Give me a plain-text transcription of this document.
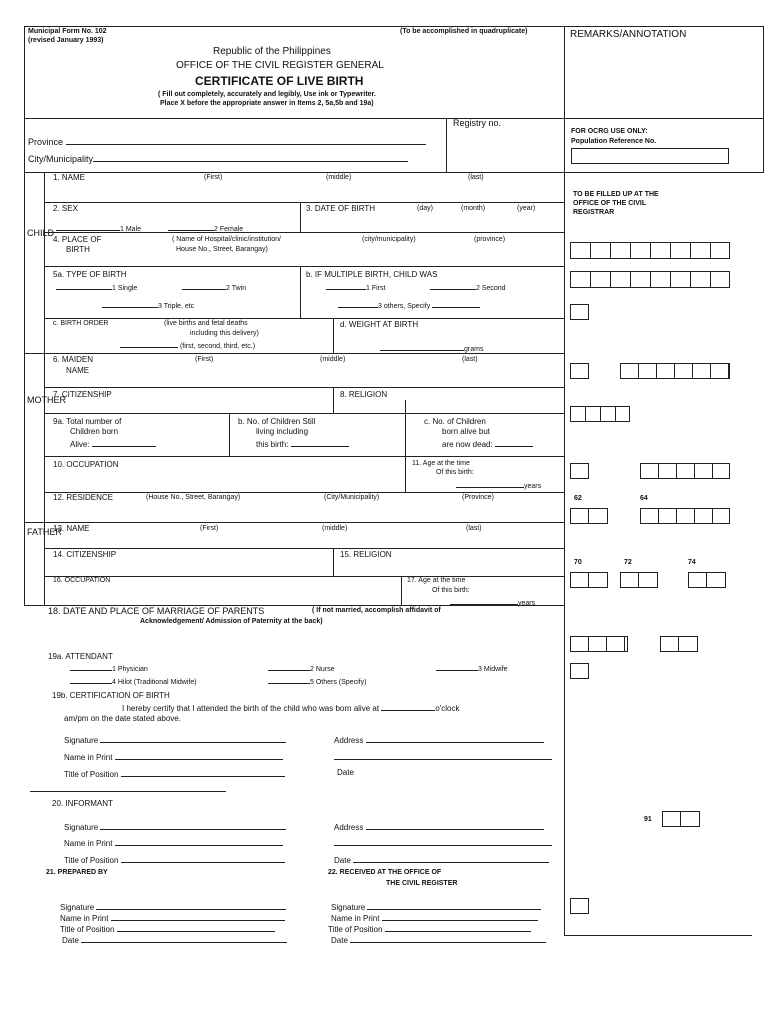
Municipal Form No. 102
(revised January 1993)
(To be accomplished in quadruplicate)
Republic of the Philippines
OFFICE OF THE CIVIL REGISTER GENERAL
CERTIFICATE OF LIVE BIRTH
( Fill out completely, accurately and legibly, Use ink or Typewriter.
Place X before the appropriate answer in Items 2, 5a,5b and 19a)
Province
City/Municipality
Registry no.
REMARKS/ANNOTATION
FOR OCRG USE ONLY:
Population Reference No.
TO BE FILLED UP AT THE
OFFICE OF THE CIVIL
REGISTRAR
62	64
70	72	74
91
CHILD
MOTHER
FATHER
1. NAME	(First)	(middle)	(last)
2. SEX
1 Male	2 Female
3. DATE OF BIRTH	(day)	(month)	(year)
4. PLACE OF
BIRTH
( Name of Hospital/clinic/institution/
House No., Street, Barangay)
(city/municipality)	(province)
5a. TYPE OF BIRTH
1 Single	2 Twin
3 Triple, etc
b. IF MULTIPLE BIRTH, CHILD WAS
1 First	2 Second
3 others, Specify
c. BIRTH ORDER	(live births and fetal deaths
including this delivery)
(first, second, third, etc.)
d. WEIGHT AT BIRTH
grams
6. MAIDEN
NAME
(First)	(middle)	(last)
7. CITIZENSHIP	8. RELIGION
9a. Total number of
Children born
Alive:
b. No. of Children Still
living including
this birth:
c. No. of Children
born alive but
are now dead:
10. OCCUPATION	11. Age at the time
Of this birth:
years
12. RESIDENCE	(House No., Street, Barangay)	(City/Municipality)	(Province)
13. NAME	(First)	(middle)	(last)
14. CITIZENSHIP	15. RELIGION
16. OCCUPATION	17. Age at the time
Of this birth:
years
18. DATE AND PLACE OF MARRIAGE OF PARENTS	( If not married, accomplish affidavit of
Acknowledgement/ Admission of Paternity at the back)
19a. ATTENDANT
1 Physician	2 Nurse	3 Midwife
4 Hilot (Traditional Midwife)	5 Others (Specify)
19b. CERTIFICATION OF BIRTH
I hereby certify that I attended the birth of the child who was born alive at	o'clock
am/pm on the date stated above.
Signature
Name in Print
Title of Position
Address
Date
20. INFORMANT
Signature
Name in Print
Title of Position
Address
Date
21. PREPARED BY	22. RECEIVED AT THE OFFICE OF
THE CIVIL REGISTER
Signature
Name in Print
Title of Position
Date
Signature
Name in Print
Title of Position
Date
